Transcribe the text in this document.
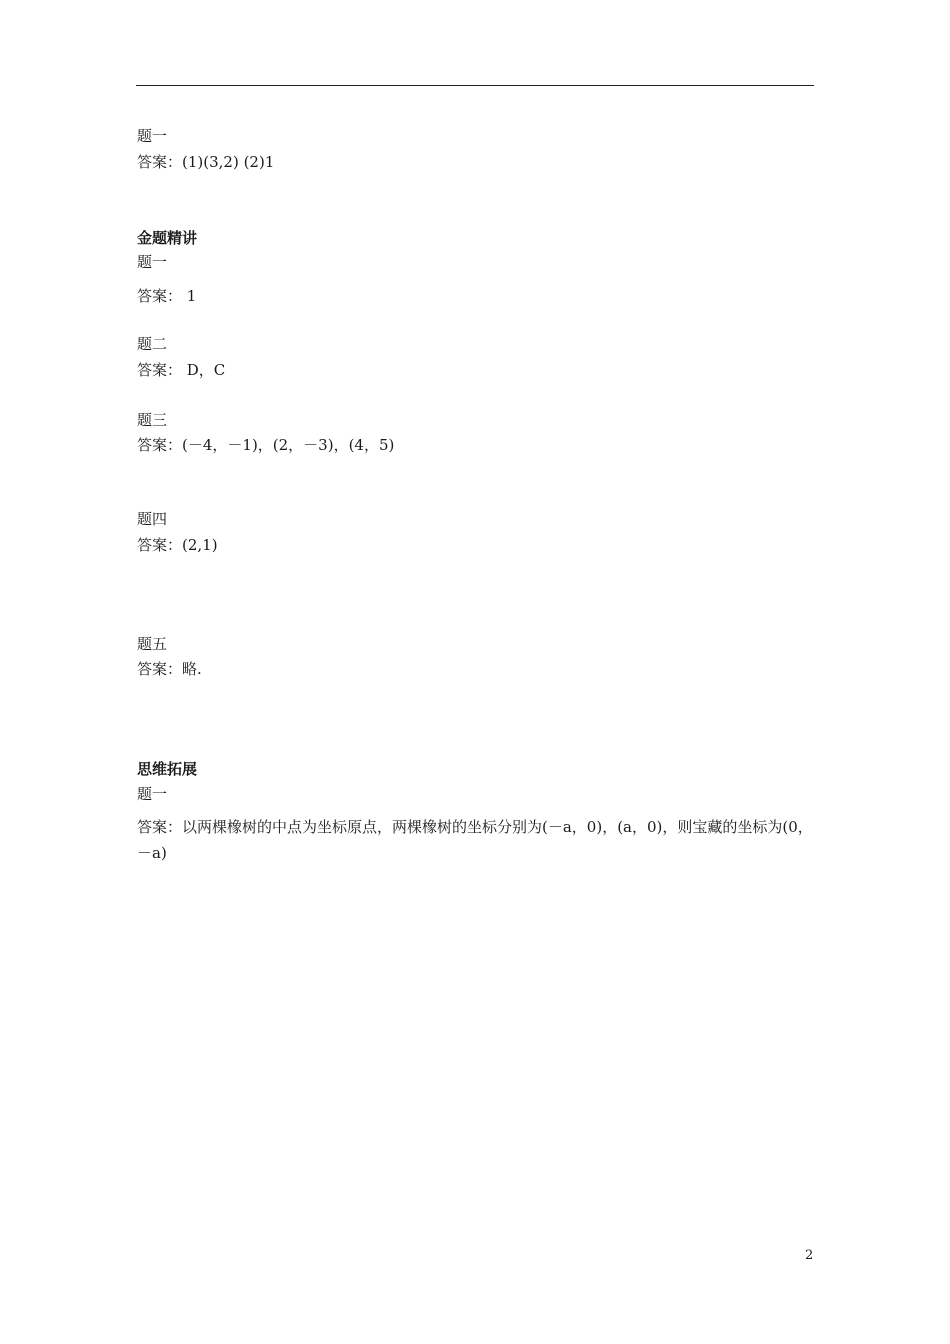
题一
答案：(1)(3,2) (2)1
金题精讲
题一
答案： 1
题二
答案： D，C
题三
答案：(－4，－1)，(2，－3)，(4，5)
题四
答案：(2,1)
题五
答案：略.
思维拓展
题一
答案：以两棵橡树的中点为坐标原点，两棵橡树的坐标分别为(－a，0)，(a，0)，则宝藏的坐标为(0，－a)
2
